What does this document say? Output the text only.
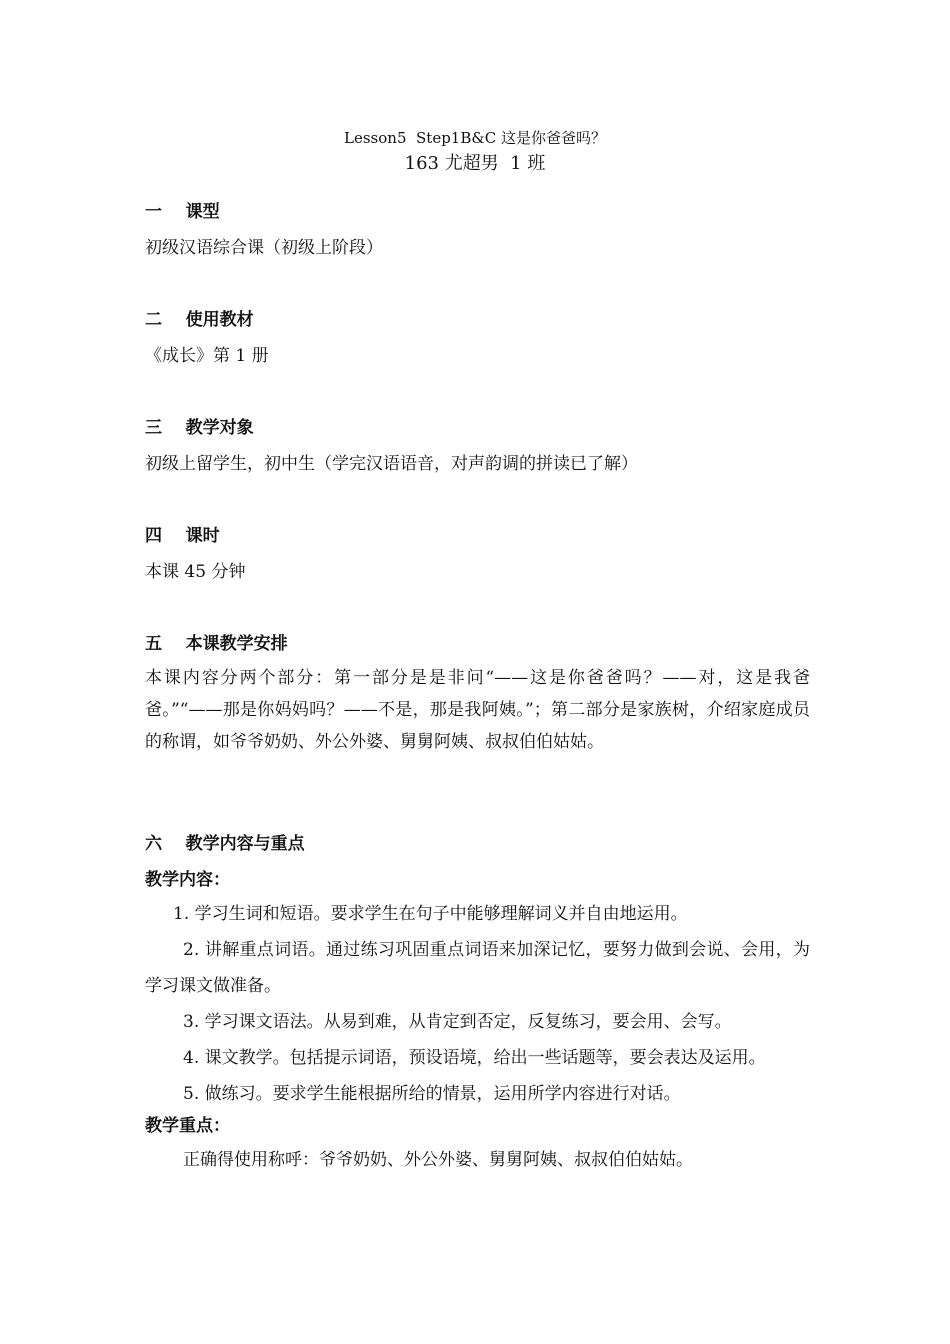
Lesson5  Step1B&C 这是你爸爸吗？
163 尤超男  1 班
一    课型
初级汉语综合课（初级上阶段）
二    使用教材
《成长》第 1 册
三    教学对象
初级上留学生，初中生（学完汉语语音，对声韵调的拼读已了解）
四    课时
本课 45 分钟
五    本课教学安排

本课内容分两个部分：第一部分是是非问“——这是你爸爸吗？——对，这是我爸爸。”“——那是你妈妈吗？——不是，那是我阿姨。”；第二部分是家族树，介绍家庭成员的称谓，如爷爷奶奶、外公外婆、舅舅阿姨、叔叔伯伯姑姑。

六    教学内容与重点
教学内容：

1. 学习生词和短语。要求学生在句子中能够理解词义并自由地运用。

2. 讲解重点词语。通过练习巩固重点词语来加深记忆，要努力做到会说、会用，为学习课文做准备。

3. 学习课文语法。从易到难，从肯定到否定，反复练习，要会用、会写。

4. 课文教学。包括提示词语，预设语境，给出一些话题等，要会表达及运用。

5. 做练习。要求学生能根据所给的情景，运用所学内容进行对话。

教学重点：

正确得使用称呼：爷爷奶奶、外公外婆、舅舅阿姨、叔叔伯伯姑姑。
